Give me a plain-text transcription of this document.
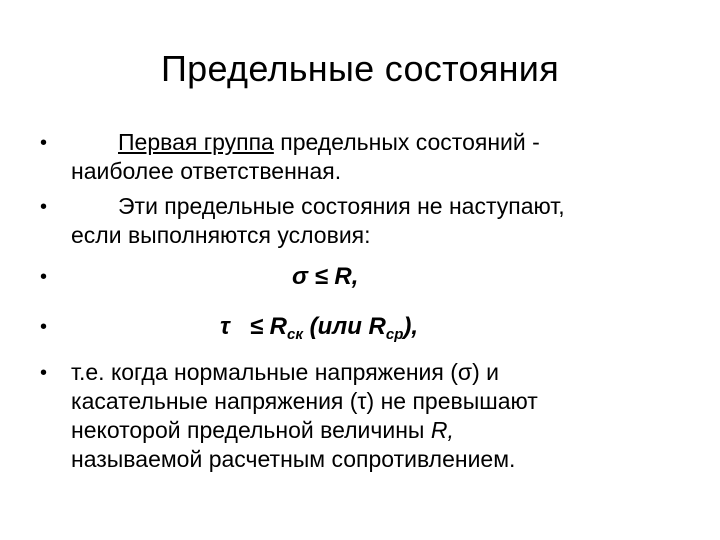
Предельные состояния
•	Первая группа предельных состояний -
наиболее ответственная.
•	Эти предельные состояния не наступают,
если выполняются условия:
•	σ ≤ R,
•	$\tau \le R_{ск}$ (или $R_{ср}$),
• т.е. когда нормальные напряжения (σ) и
касательные напряжения (τ) не превышают
некоторой предельной величины R,
называемой расчетным сопротивлением.
